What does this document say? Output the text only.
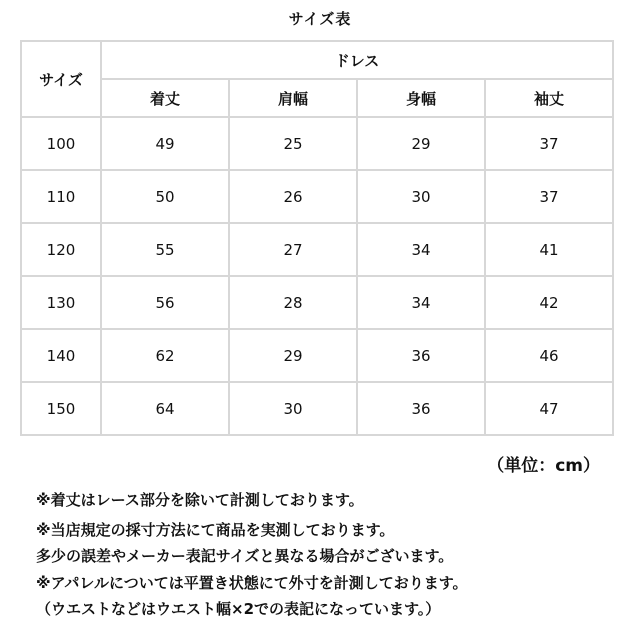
サイズ表
サイズ	ドレス			
	着丈	肩幅	身幅	袖丈
100	49	25	29	37
110	50	26	30	37
120	55	27	34	41
130	56	28	34	42
140	62	29	36	46
150	64	30	36	47
（単位：cm）
※着丈はレース部分を除いて計測しております。
※当店規定の採寸方法にて商品を実測しております。
多少の誤差やメーカー表記サイズと異なる場合がございます。
※アパレルについては平置き状態にて外寸を計測しております。
（ウエストなどはウエスト幅×2での表記になっています。）
